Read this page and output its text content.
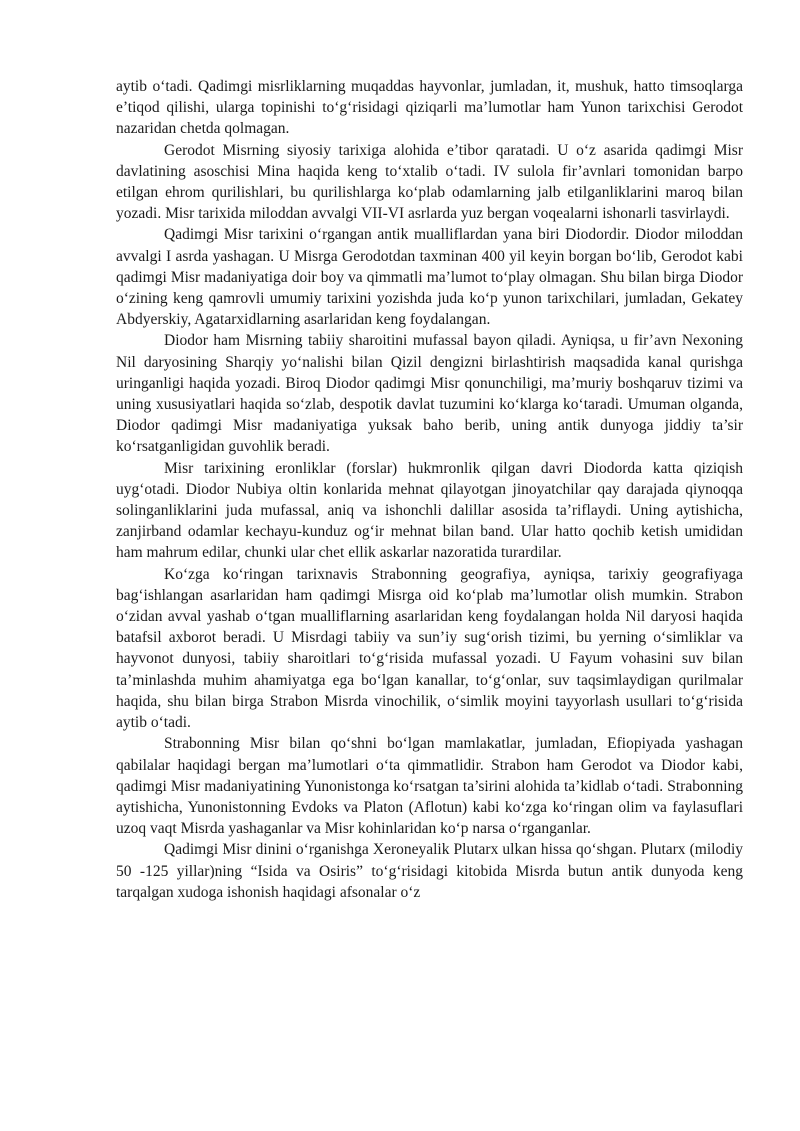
aytib o‘tadi. Qadimgi misrliklarning muqaddas hayvonlar, jumladan, it, mushuk, hatto timsoqlarga e’tiqod qilishi, ularga topinishi to‘g‘risidagi qiziqarli ma’lumotlar ham Yunon tarixchisi Gerodot nazaridan chetda qolmagan.

Gerodot Misrning siyosiy tarixiga alohida e’tibor qaratadi. U o‘z asarida qadimgi Misr davlatining asoschisi Mina haqida keng to‘xtalib o‘tadi. IV sulola fir’avnlari tomonidan barpo etilgan ehrom qurilishlari, bu qurilishlarga ko‘plab odamlarning jalb etilganliklarini maroq bilan yozadi. Misr tarixida miloddan avvalgi VII-VI asrlarda yuz bergan voqealarni ishonarli tasvirlaydi.

Qadimgi Misr tarixini o‘rgangan antik mualliflardan yana biri Diodordir. Diodor miloddan avvalgi I asrda yashagan. U Misrga Gerodotdan taxminan 400 yil keyin borgan bo‘lib, Gerodot kabi qadimgi Misr madaniyatiga doir boy va qimmatli ma’lumot to‘play olmagan. Shu bilan birga Diodor o‘zining keng qamrovli umumiy tarixini yozishda juda ko‘p yunon tarixchilari, jumladan, Gekatey Abdyerskiy, Agatarxidlarning asarlaridan keng foydalangan.

Diodor ham Misrning tabiiy sharoitini mufassal bayon qiladi. Ayniqsa, u fir’avn Nexoning Nil daryosining Sharqiy yo‘nalishi bilan Qizil dengizni birlashtirish maqsadida kanal qurishga uringanligi haqida yozadi. Biroq Diodor qadimgi Misr qonunchiligi, ma’muriy boshqaruv tizimi va uning xususiyatlari haqida so‘zlab, despotik davlat tuzumini ko‘klarga ko‘taradi. Umuman olganda, Diodor qadimgi Misr madaniyatiga yuksak baho berib, uning antik dunyoga jiddiy ta’sir ko‘rsatganligidan guvohlik beradi.

Misr tarixining eronliklar (forslar) hukmronlik qilgan davri Diodorda katta qiziqish uyg‘otadi. Diodor Nubiya oltin konlarida mehnat qilayotgan jinoyatchilar qay darajada qiynoqqa solinganliklarini juda mufassal, aniq va ishonchli dalillar asosida ta’riflaydi. Uning aytishicha, zanjirband odamlar kechayu-kunduz og‘ir mehnat bilan band. Ular hatto qochib ketish umididan ham mahrum edilar, chunki ular chet ellik askarlar nazoratida turardilar.

Ko‘zga ko‘ringan tarixnavis Strabonning geografiya, ayniqsa, tarixiy geografiyaga bag‘ishlangan asarlaridan ham qadimgi Misrga oid ko‘plab ma’lumotlar olish mumkin. Strabon o‘zidan avval yashab o‘tgan mualliflarning asarlaridan keng foydalangan holda Nil daryosi haqida batafsil axborot beradi. U Misrdagi tabiiy va sun’iy sug‘orish tizimi, bu yerning o‘simliklar va hayvonot dunyosi, tabiiy sharoitlari to‘g‘risida mufassal yozadi. U Fayum vohasini suv bilan ta’minlashda muhim ahamiyatga ega bo‘lgan kanallar, to‘g‘onlar, suv taqsimlaydigan qurilmalar haqida, shu bilan birga Strabon Misrda vinochilik, o‘simlik moyini tayyorlash usullari to‘g‘risida aytib o‘tadi.

Strabonning Misr bilan qo‘shni bo‘lgan mamlakatlar, jumladan, Efiopiyada yashagan qabilalar haqidagi bergan ma’lumotlari o‘ta qimmatlidir. Strabon ham Gerodot va Diodor kabi, qadimgi Misr madaniyatining Yunonistonga ko‘rsatgan ta’sirini alohida ta’kidlab o‘tadi. Strabonning aytishicha, Yunonistonning Evdoks va Platon (Aflotun) kabi ko‘zga ko‘ringan olim va faylasuflari uzoq vaqt Misrda yashaganlar va Misr kohinlaridan ko‘p narsa o‘rganganlar.

Qadimgi Misr dinini o‘rganishga Xeroneyalik Plutarx ulkan hissa qo‘shgan. Plutarx (milodiy 50 -125 yillar)ning “Isida va Osiris” to‘g‘risidagi kitobida Misrda butun antik dunyoda keng tarqalgan xudoga ishonish haqidagi afsonalar o‘z
